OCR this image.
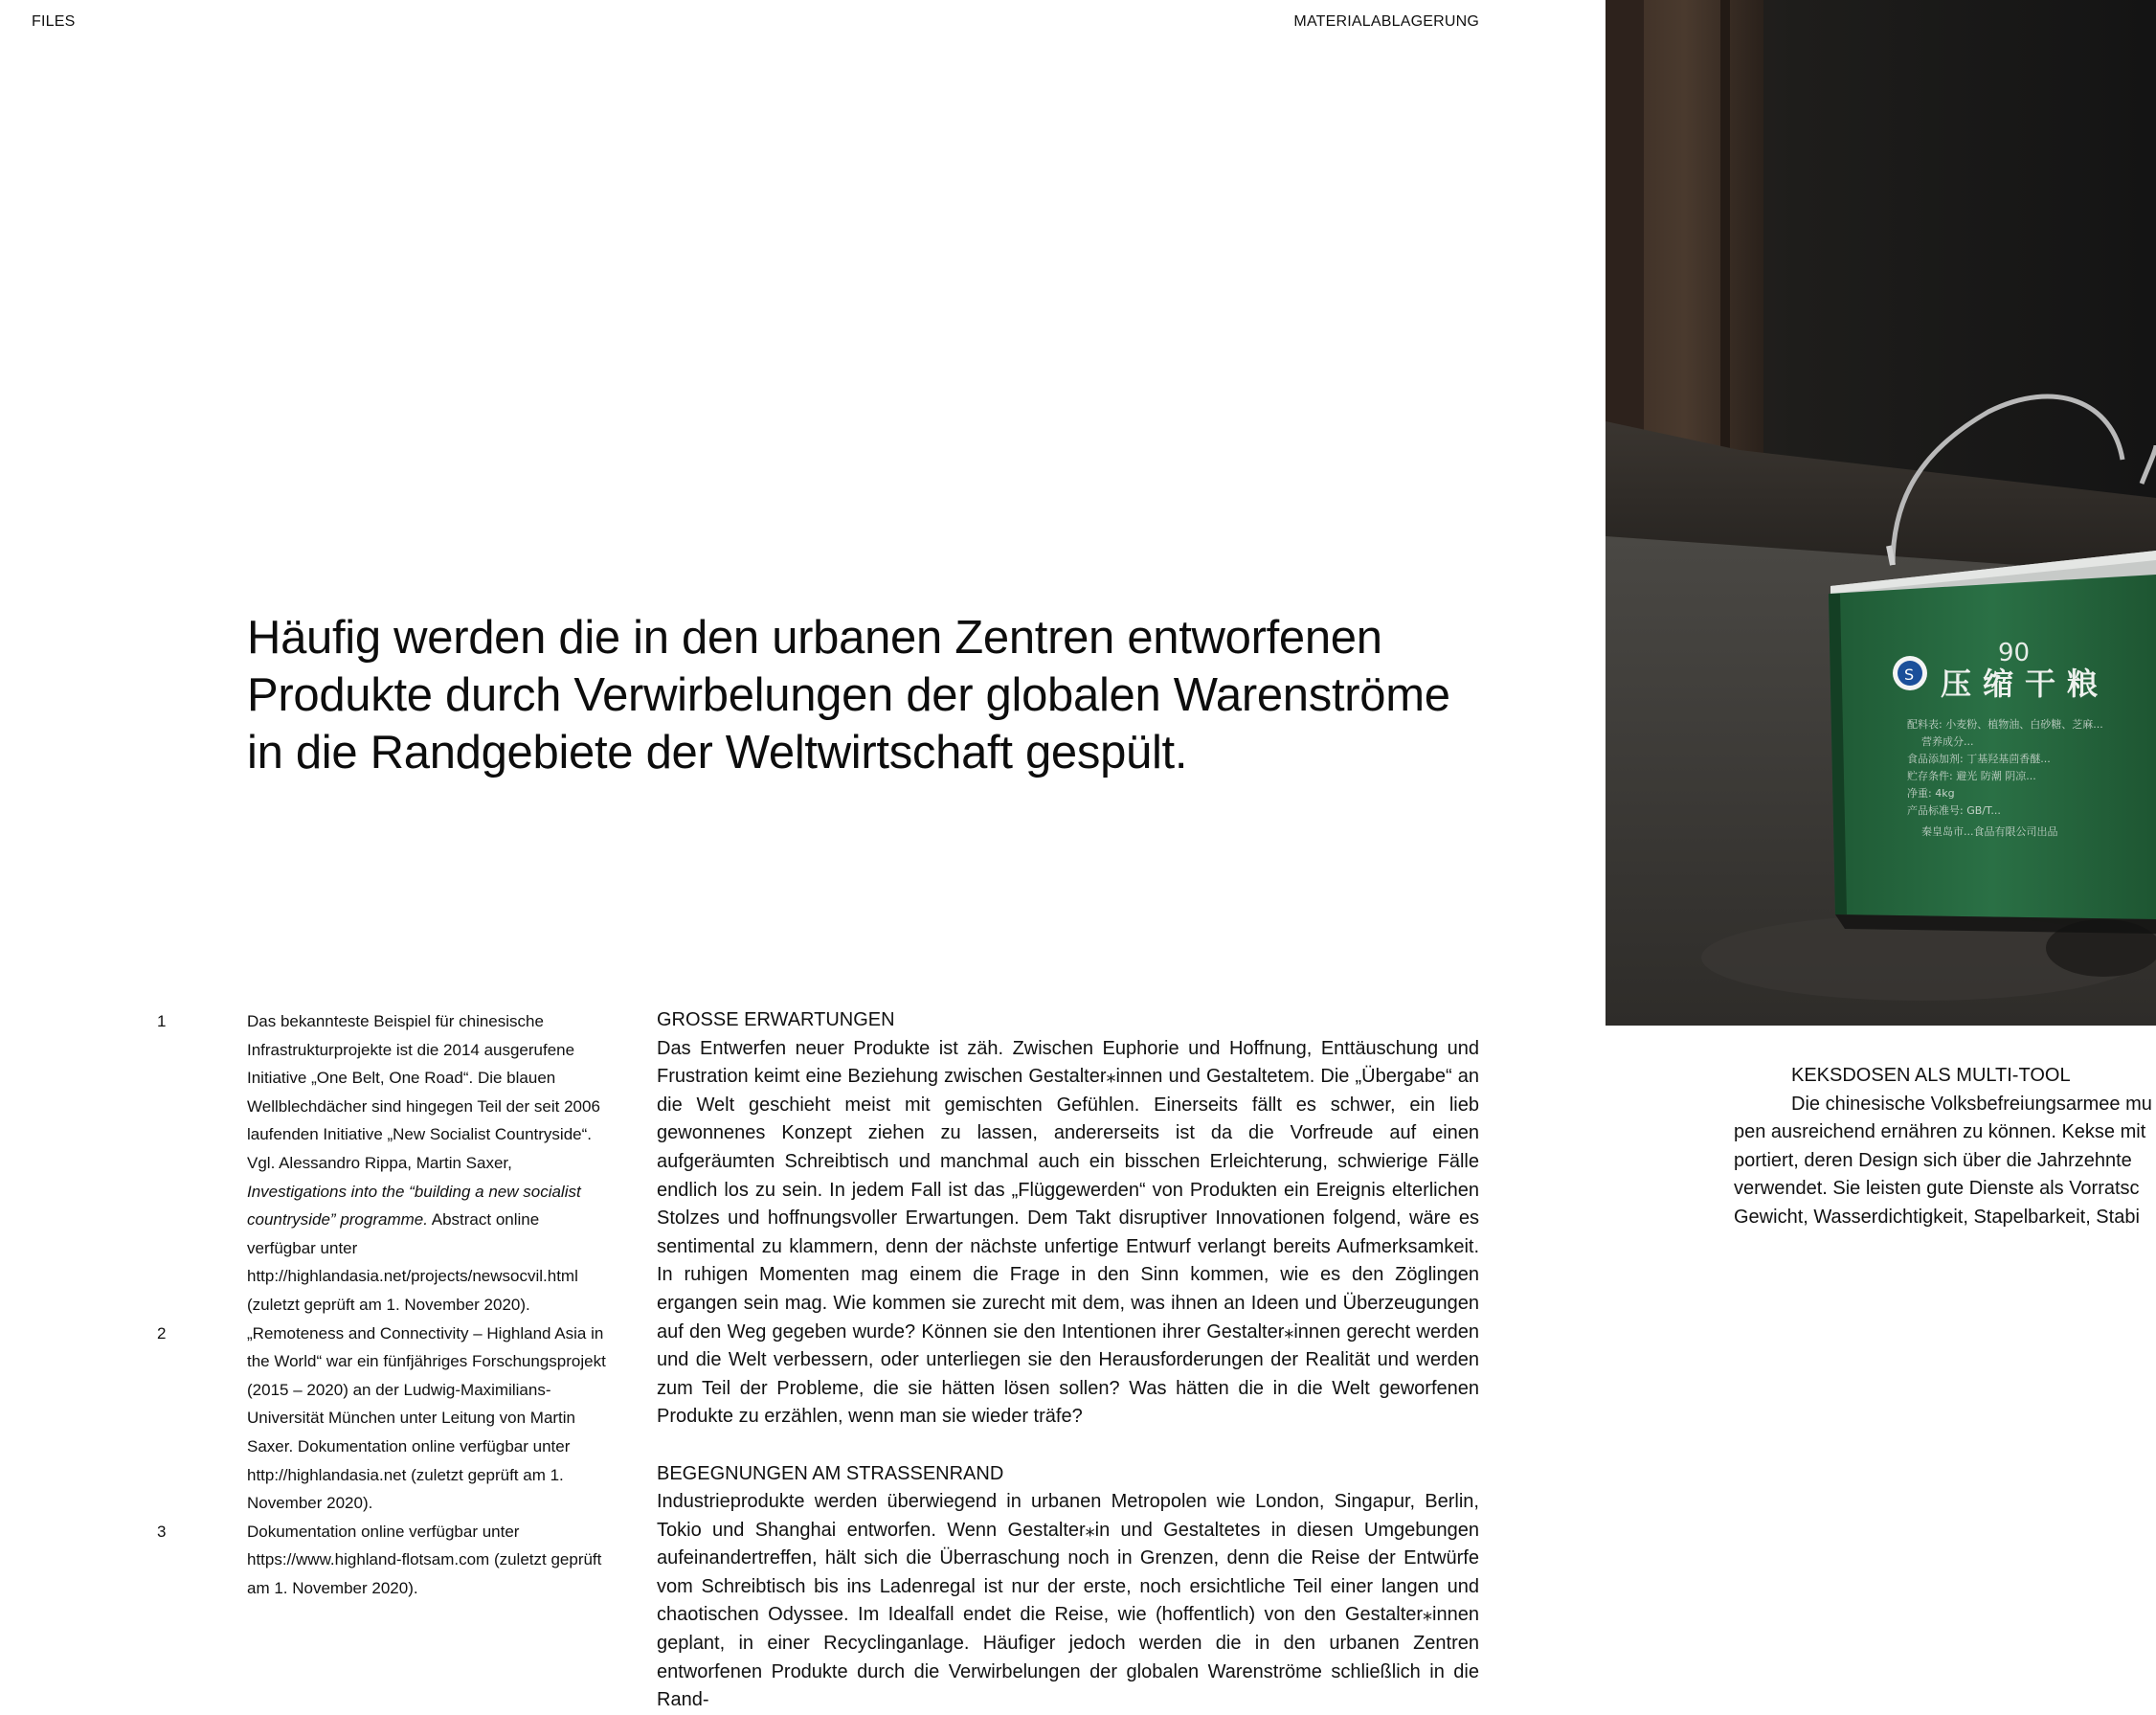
FILES	MATERIALABLAGERUNG
Häufig werden die in den urbanen Zentren entworfenen Produkte durch Verwirbelungen der globalen Warenströme in die Randgebiete der Weltwirtschaft gespült.
1	Das bekannteste Beispiel für chinesische Infrastrukturprojekte ist die 2014 ausgerufene Initiative „One Belt, One Road“. Die blauen Wellblechdächer sind hingegen Teil der seit 2006 laufenden Initiative „New Socialist Countryside“. Vgl. Alessandro Rippa, Martin Saxer, Investigations into the “building a new socialist countryside” programme. Abstract online verfügbar unter http://highlandasia.net/projects/newsocvil.html (zuletzt geprüft am 1. November 2020).
2	„Remoteness and Connectivity – Highland Asia in the World“ war ein fünfjähriges Forschungsprojekt (2015 – 2020) an der Ludwig-Maximilians-Universität München unter Leitung von Martin Saxer. Dokumentation online verfügbar unter http://highlandasia.net (zuletzt geprüft am 1. November 2020).
3	Dokumentation online verfügbar unter https://www.highland-flotsam.com (zuletzt geprüft am 1. November 2020).
GROSSE ERWARTUNGEN

Das Entwerfen neuer Produkte ist zäh. Zwischen Euphorie und Hoffnung, Enttäuschung und Frustration keimt eine Beziehung zwischen Gestalter⁎innen und Gestaltetem. Die „Übergabe“ an die Welt geschieht meist mit gemischten Gefühlen. Einerseits fällt es schwer, ein lieb gewonnenes Konzept ziehen zu lassen, andererseits ist da die Vorfreude auf einen aufgeräumten Schreibtisch und manchmal auch ein bisschen Erleichterung, schwierige Fälle endlich los zu sein. In jedem Fall ist das „Flüggewerden“ von Produkten ein Ereignis elterlichen Stolzes und hoffnungsvoller Erwartungen. Dem Takt disruptiver Innovationen folgend, wäre es sentimental zu klammern, denn der nächste unfertige Entwurf verlangt bereits Aufmerksamkeit. In ruhigen Momenten mag einem die Frage in den Sinn kommen, wie es den Zöglingen ergangen sein mag. Wie kommen sie zurecht mit dem, was ihnen an Ideen und Überzeugungen auf den Weg gegeben wurde? Können sie den Intentionen ihrer Gestalter⁎innen gerecht werden und die Welt verbessern, oder unterliegen sie den Herausforderungen der Realität und werden zum Teil der Probleme, die sie hätten lösen sollen? Was hätten die in die Welt geworfenen Produkte zu erzählen, wenn man sie wieder träfe?

BEGEGNUNGEN AM STRASSENRAND

Industrieprodukte werden überwiegend in urbanen Metropolen wie London, Singapur, Berlin, Tokio und Shanghai entworfen. Wenn Gestalter⁎in und Gestaltetes in diesen Umgebungen aufeinandertreffen, hält sich die Überraschung noch in Grenzen, denn die Reise der Entwürfe vom Schreibtisch bis ins Ladenregal ist nur der erste, noch ersichtliche Teil einer langen und chaotischen Odyssee. Im Idealfall endet die Reise, wie (hoffentlich) von den Gestalter⁎innen geplant, in einer Recyclinganlage. Häufiger jedoch werden die in den urbanen Zentren entworfenen Produkte durch die Verwirbelungen der globalen Warenströme schließlich in die Rand-

S
90
压缩干粮
配料表: 小麦粉、植物油、白砂糖、芝麻...
营养成分...
食品添加剂: 丁基羟基茴香醚...
贮存条件: 避光 防潮 阴凉...
净重: 4kg
产品标准号: GB/T...
秦皇岛市...食品有限公司出品
KEKSDOSEN ALS MULTI-TOOL
Die chinesische Volksbefreiungsarmee mu
pen ausreichend ernähren zu können. Kekse mit
portiert, deren Design sich über die Jahrzehnte
verwendet. Sie leisten gute Dienste als Vorratsc
Gewicht, Wasserdichtigkeit, Stapelbarkeit, Stabi
